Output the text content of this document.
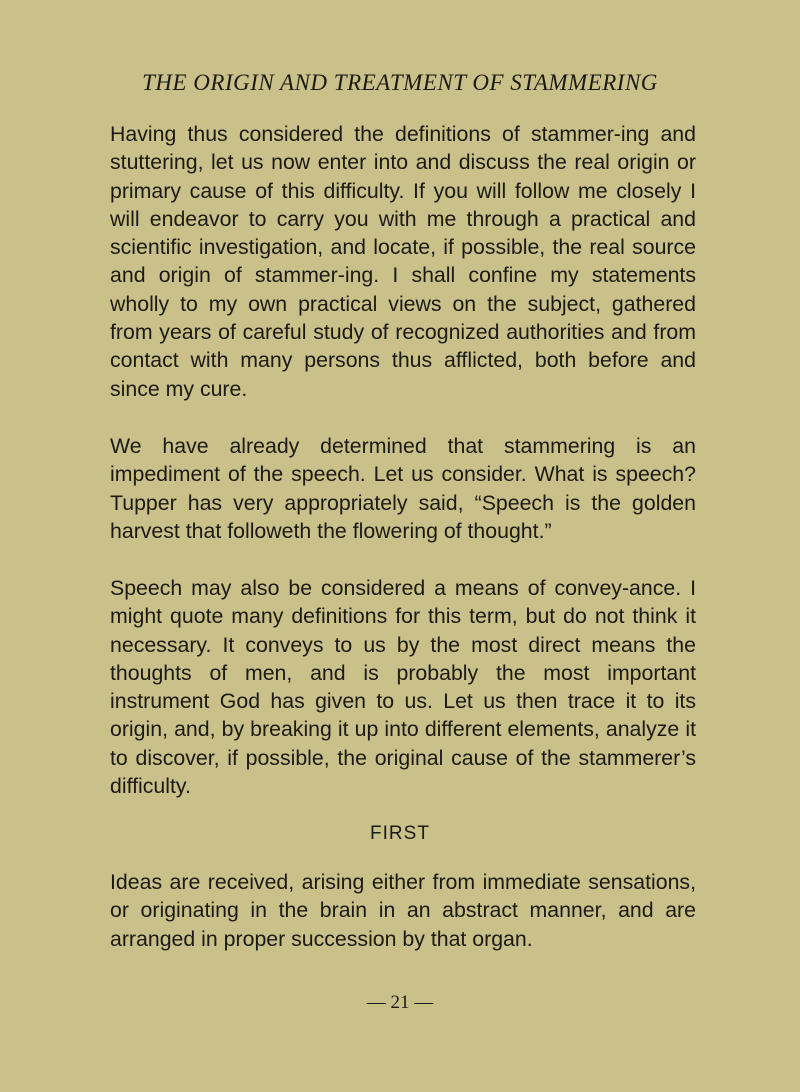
THE ORIGIN AND TREATMENT OF STAMMERING

Having thus considered the definitions of stammer-ing and stuttering, let us now enter into and discuss the real origin or primary cause of this difficulty. If you will follow me closely I will endeavor to carry you with me through a practical and scientific investigation, and locate, if possible, the real source and origin of stammer-ing. I shall confine my statements wholly to my own practical views on the subject, gathered from years of careful study of recognized authorities and from contact with many persons thus afflicted, both before and since my cure.

We have already determined that stammering is an impediment of the speech. Let us consider. What is speech? Tupper has very appropriately said, “Speech is the golden harvest that followeth the flowering of thought.”

Speech may also be considered a means of convey-ance. I might quote many definitions for this term, but do not think it necessary. It conveys to us by the most direct means the thoughts of men, and is probably the most important instrument God has given to us. Let us then trace it to its origin, and, by breaking it up into different elements, analyze it to discover, if possible, the original cause of the stammerer’s difficulty.

FIRST

Ideas are received, arising either from immediate sensations, or originating in the brain in an abstract manner, and are arranged in proper succession by that organ.

— 21 —
